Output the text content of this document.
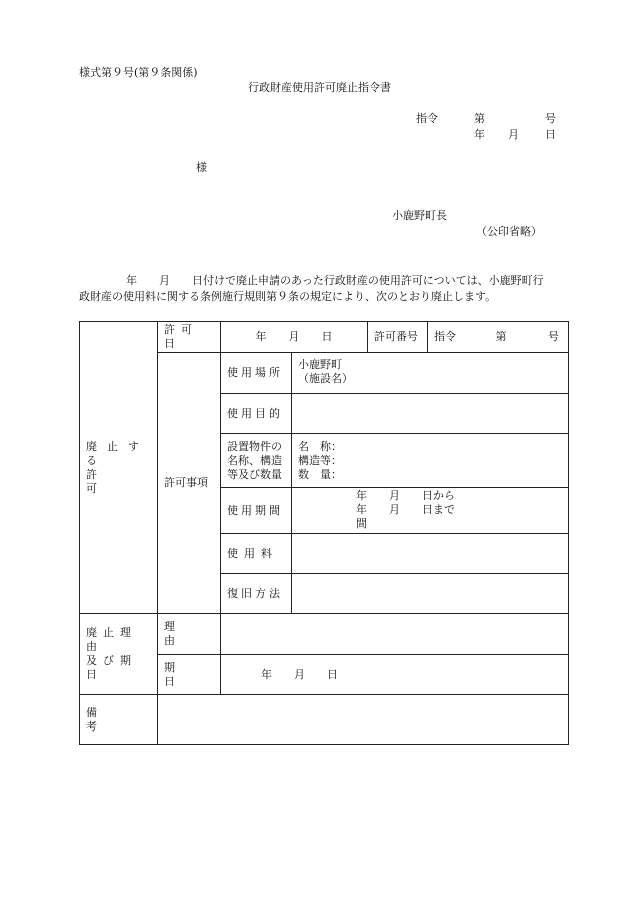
様式第９号(第９条関係)
行政財産使用許可廃止指令書
指令	第	号
年 月 日
様
小鹿野町長
（公印省略）
年　　月　　日付けで廃止申請のあった行政財産の使用許可については、小鹿野町行
政財産の使用料に関する条例施行規則第９条の規定により、次のとおり廃止します。
廃止する
許可	許可日	年　　月　　日		許可番号	指令 第 号
	許可事項	使用場所	小鹿野町
（施設名）		

		使用目的			

		設置物件の
名称、構造
等及び数量	名　称：
構造等：
数　量：		

		使用期間	年　　月　　日から
年　　月　　日まで
間		

		使用料			
		復旧方法			

廃止理由
及び期日	理由				
	期日	年　　月　　日			
備考					
